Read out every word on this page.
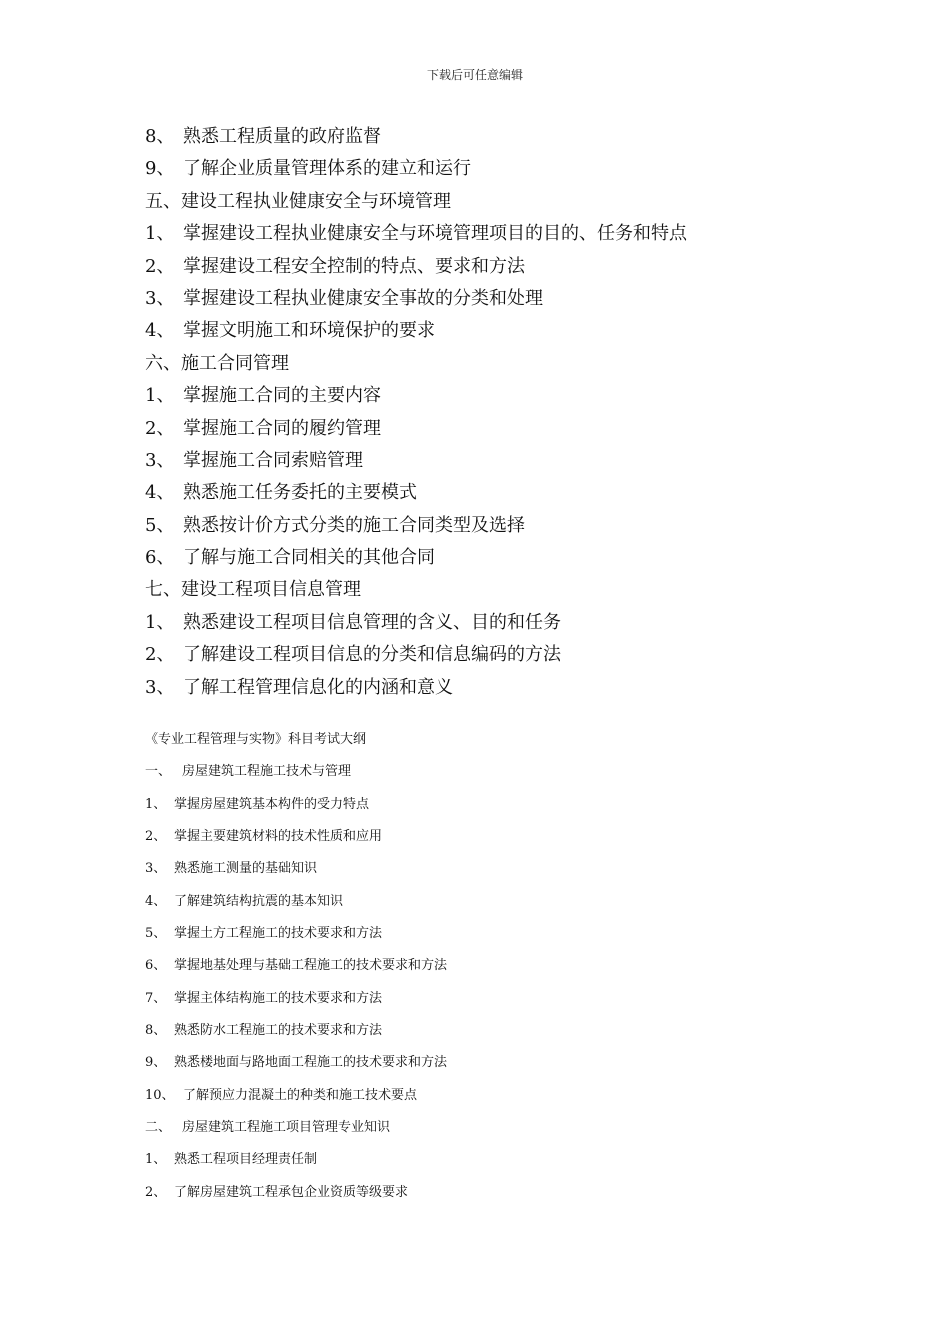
下载后可任意编辑
8、 熟悉工程质量的政府监督
9、 了解企业质量管理体系的建立和运行
五、建设工程执业健康安全与环境管理
1、 掌握建设工程执业健康安全与环境管理项目的目的、任务和特点
2、 掌握建设工程安全控制的特点、要求和方法
3、 掌握建设工程执业健康安全事故的分类和处理
4、 掌握文明施工和环境保护的要求
六、施工合同管理
1、 掌握施工合同的主要内容
2、 掌握施工合同的履约管理
3、 掌握施工合同索赔管理
4、 熟悉施工任务委托的主要模式
5、 熟悉按计价方式分类的施工合同类型及选择
6、 了解与施工合同相关的其他合同
七、建设工程项目信息管理
1、 熟悉建设工程项目信息管理的含义、目的和任务
2、 了解建设工程项目信息的分类和信息编码的方法
3、 了解工程管理信息化的内涵和意义
《专业工程管理与实物》科目考试大纲
一、 房屋建筑工程施工技术与管理
1、 掌握房屋建筑基本构件的受力特点
2、 掌握主要建筑材料的技术性质和应用
3、 熟悉施工测量的基础知识
4、 了解建筑结构抗震的基本知识
5、 掌握土方工程施工的技术要求和方法
6、 掌握地基处理与基础工程施工的技术要求和方法
7、 掌握主体结构施工的技术要求和方法
8、 熟悉防水工程施工的技术要求和方法
9、 熟悉楼地面与路地面工程施工的技术要求和方法
10、 了解预应力混凝土的种类和施工技术要点
二、 房屋建筑工程施工项目管理专业知识
1、 熟悉工程项目经理责任制
2、 了解房屋建筑工程承包企业资质等级要求
